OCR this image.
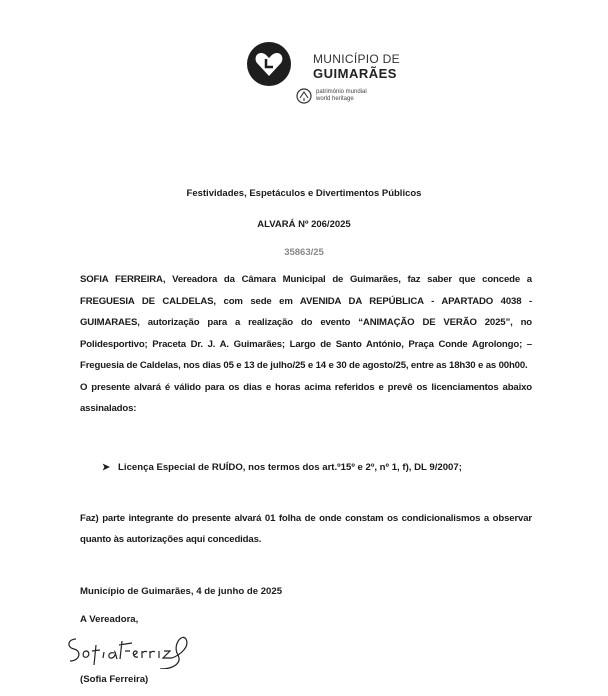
MUNICÍPIO DE
GUIMARÃES
património mundial
world heritage
Festividades, Espetáculos e Divertimentos Públicos
ALVARÁ Nº 206/2025
35863/25

SOFIA FERREIRA, Vereadora da Câmara Municipal de Guimarães, faz saber que concede a FREGUESIA DE CALDELAS, com sede em AVENIDA DA REPÚBLICA - APARTADO 4038 - GUIMARAES, autorização para a realização do evento “ANIMAÇÃO DE VERÃO 2025”, no Polidesportivo; Praceta Dr. J. A. Guimarães; Largo de Santo António, Praça Conde Agrolongo; – Freguesia de Caldelas, nos dias 05 e 13 de julho/25 e 14 e 30 de agosto/25, entre as 18h30 e as 00h00.

O presente alvará é válido para os dias e horas acima referidos e prevê os licenciamentos abaixo assinalados:

➤ Licença Especial de RUÍDO, nos termos dos art.º15º e 2º, nº 1, f), DL 9/2007;

Faz) parte integrante do presente alvará 01 folha de onde constam os condicionalismos a observar quanto às autorizações aqui concedidas.

Município de Guimarães, 4 de junho de 2025
A Vereadora,
(Sofia Ferreira)
